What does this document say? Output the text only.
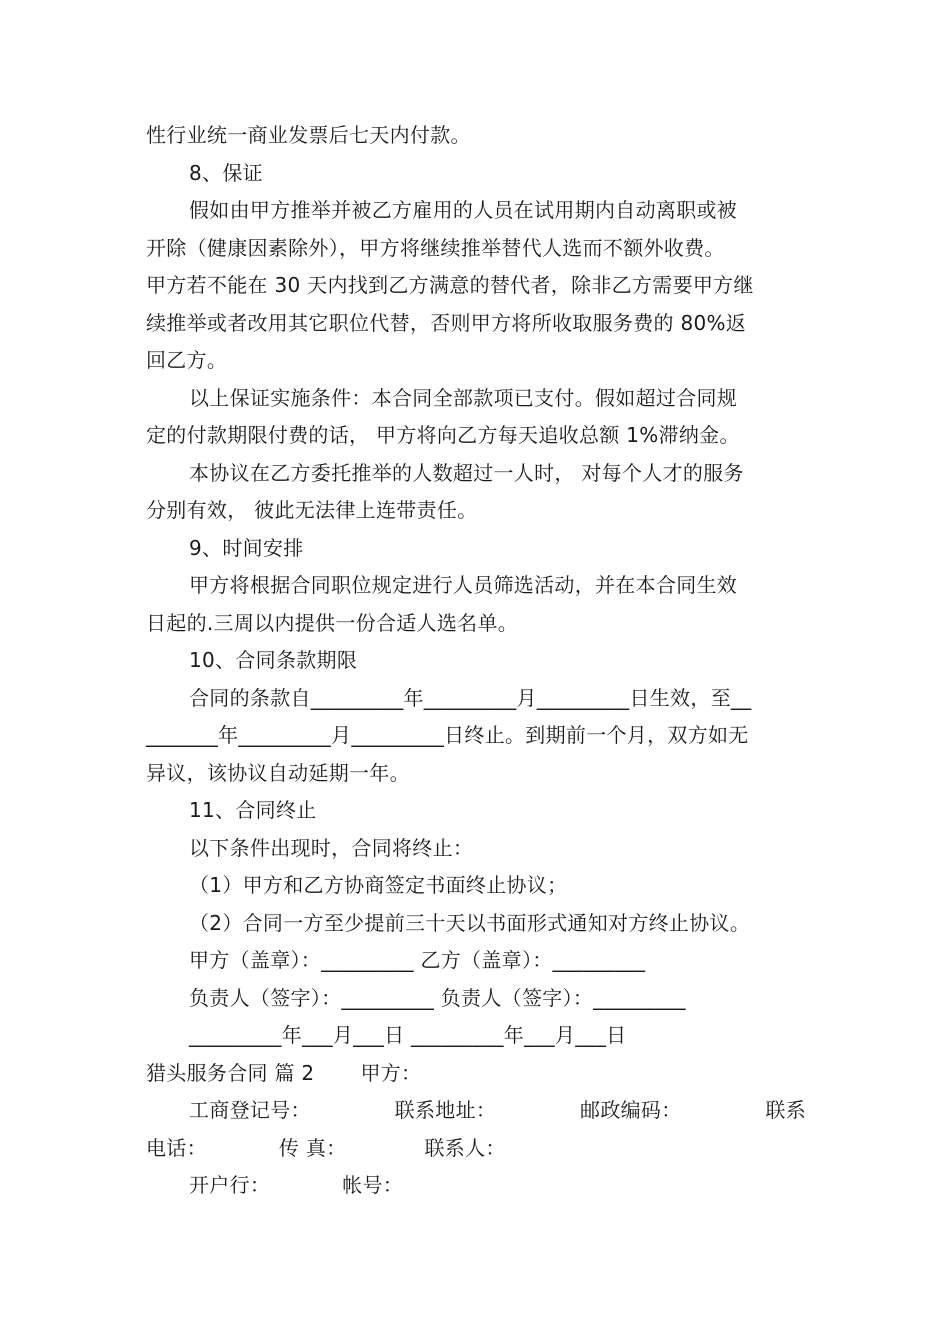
性行业统一商业发票后七天内付款。
8、保证
假如由甲方推举并被乙方雇用的人员在试用期内自动离职或被
开除（健康因素除外），甲方将继续推举替代人选而不额外收费。
甲方若不能在 30 天内找到乙方满意的替代者，除非乙方需要甲方继
续推举或者改用其它职位代替，否则甲方将所收取服务费的 80%返
回乙方。
以上保证实施条件：本合同全部款项已支付。假如超过合同规
定的付款期限付费的话， 甲方将向乙方每天追收总额 1%滞纳金。
本协议在乙方委托推举的人数超过一人时， 对每个人才的服务
分别有效， 彼此无法律上连带责任。
9、时间安排
甲方将根据合同职位规定进行人员筛选活动，并在本合同生效
日起的.三周以内提供一份合适人选名单。
10、合同条款期限
合同的条款自_________年_________月_________日生效，至__
_______年_________月_________日终止。到期前一个月，双方如无
异议，该协议自动延期一年。
11、合同终止
以下条件出现时，合同将终止：
（1）甲方和乙方协商签定书面终止协议；
（2）合同一方至少提前三十天以书面形式通知对方终止协议。
甲方（盖章）：_________ 乙方（盖章）：_________
负责人（签字）：_________ 负责人（签字）：_________
_________年___月___日 _________年___月___日
猎头服务合同 篇 2 甲方：
工商登记号：	联系地址：	邮政编码：	联系
电话：	传 真：	联系人：
开户行：	帐号：
